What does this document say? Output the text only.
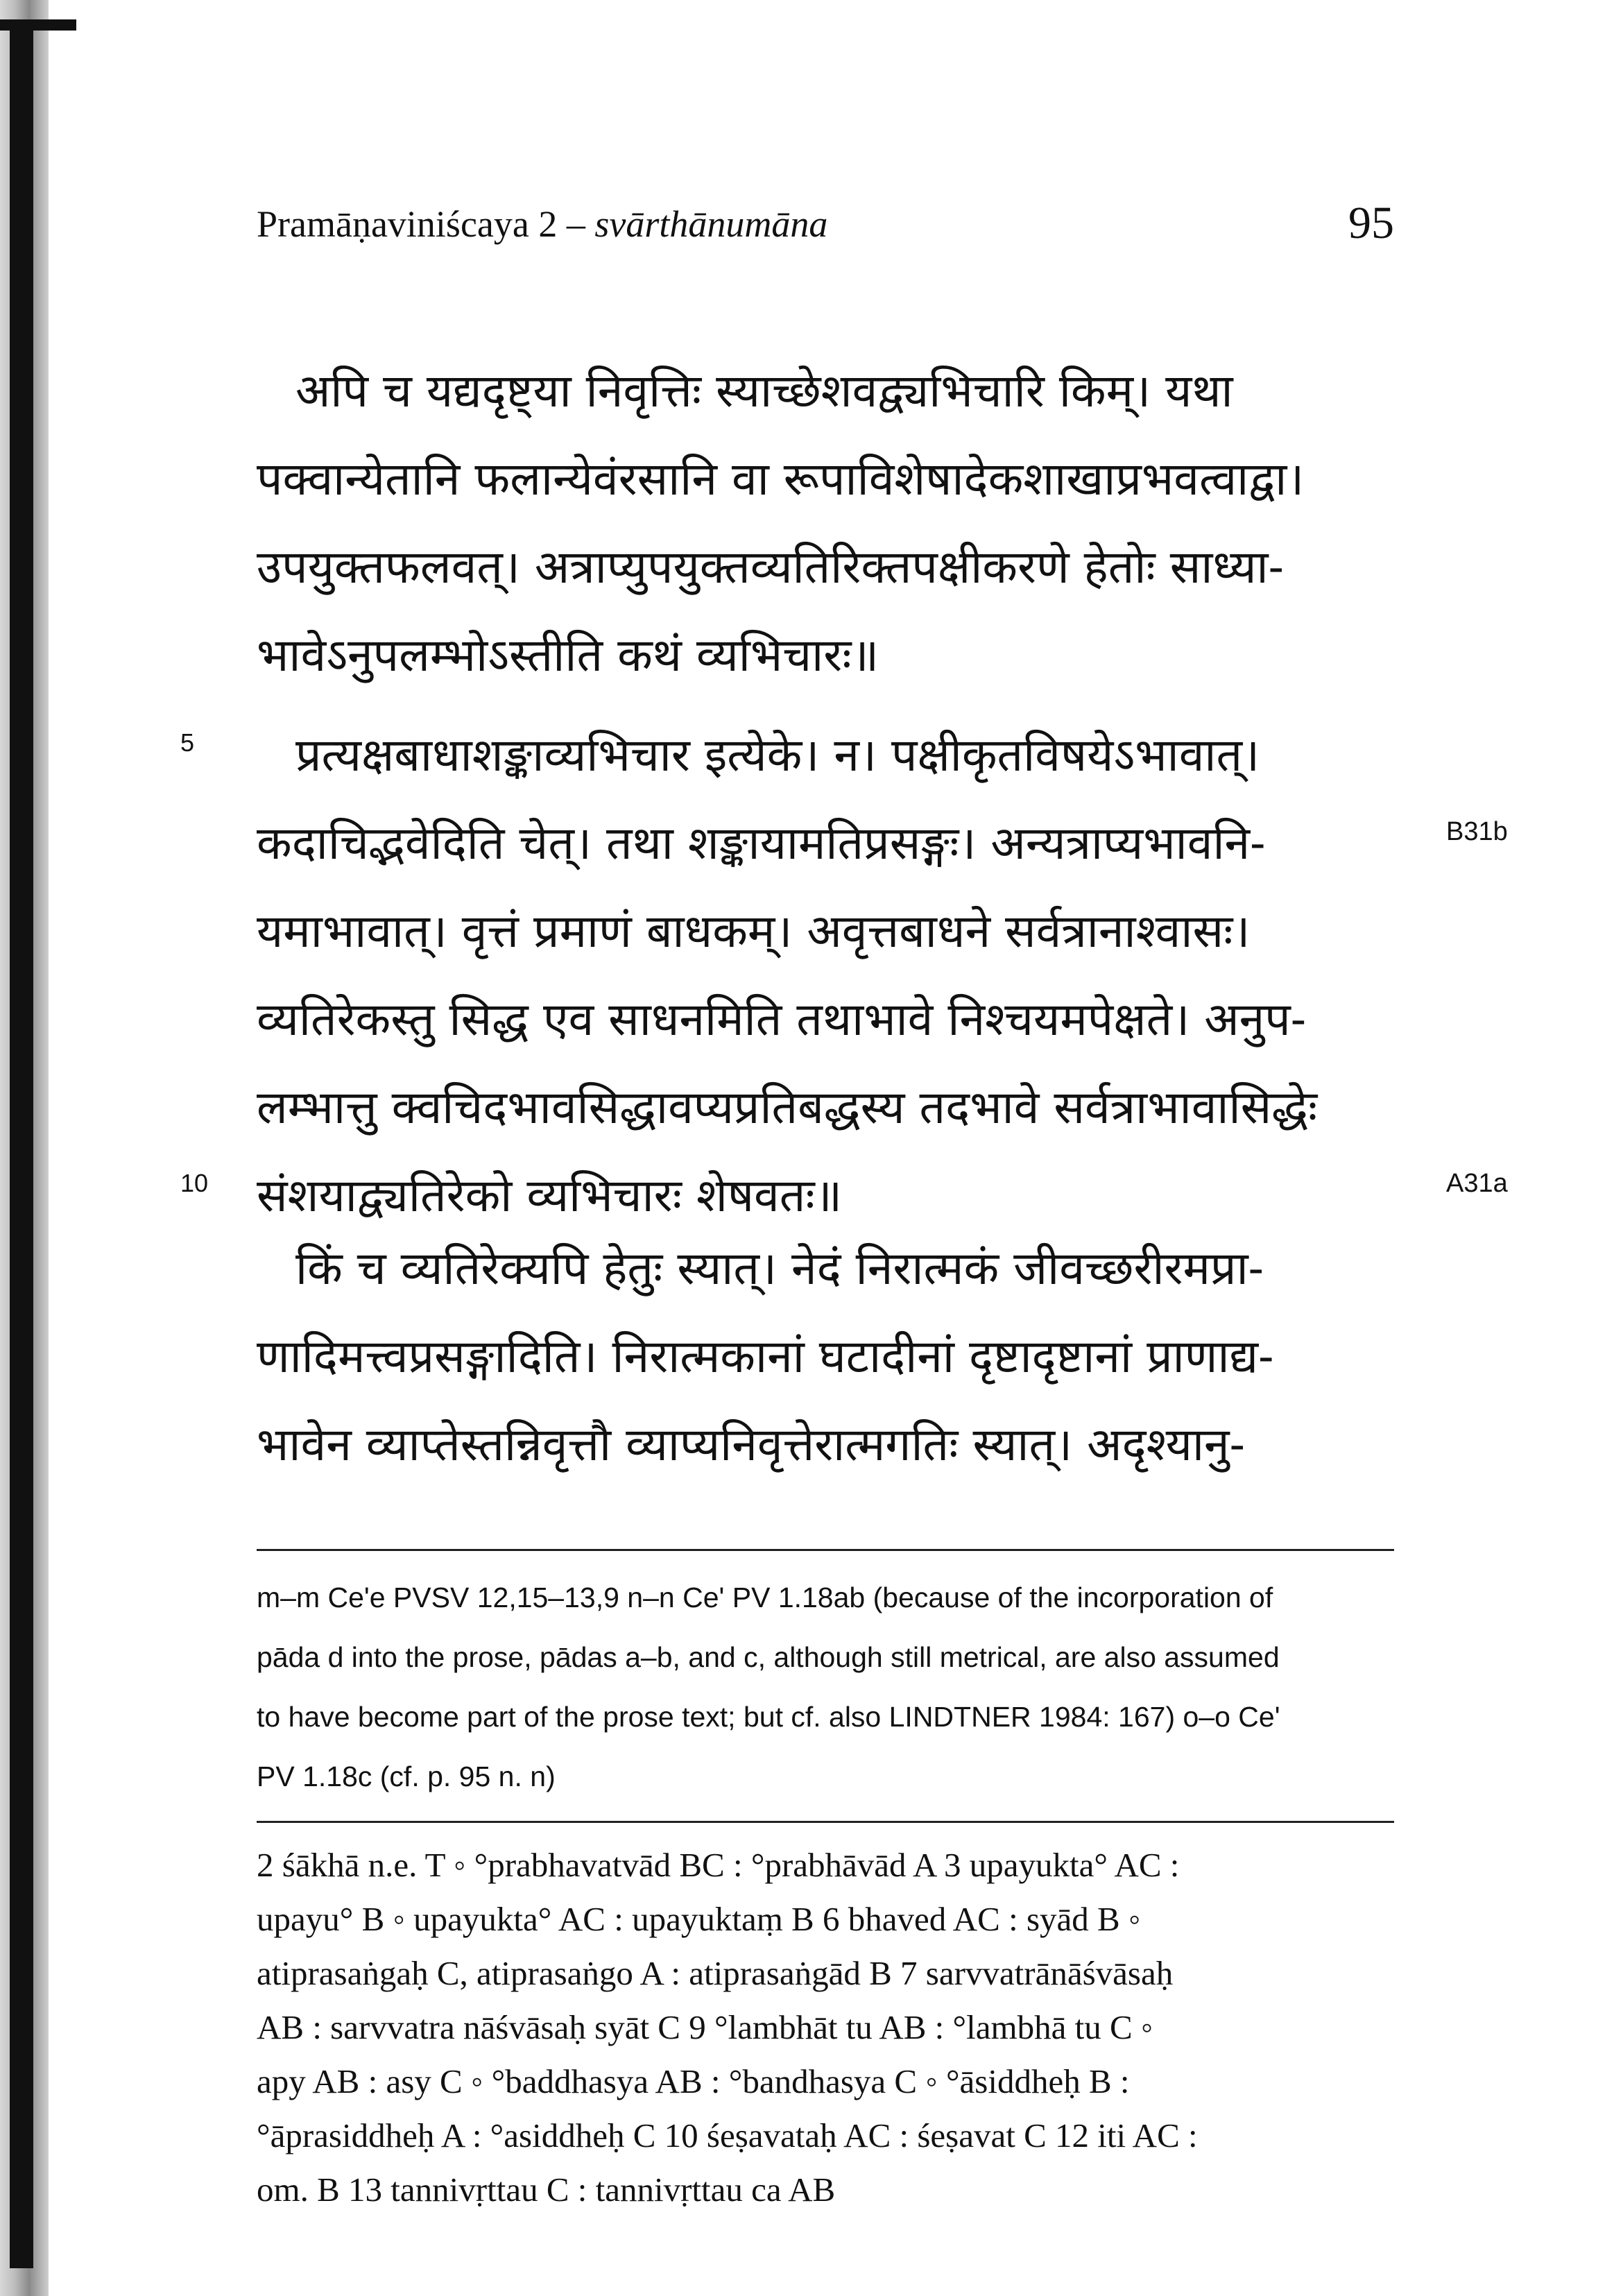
Pramāṇaviniścaya 2 – svārthānumāna	95
अपि च यद्यदृष्ट्या निवृत्तिः स्याच्छेशवद्व्यभिचारि किम्। यथा
पक्वान्येतानि फलान्येवंरसानि वा रूपाविशेषादेकशाखाप्रभवत्वाद्वा।
उपयुक्तफलवत्। अत्राप्युपयुक्तव्यतिरिक्तपक्षीकरणे हेतोः साध्या-
भावेऽनुपलम्भोऽस्तीति कथं व्यभिचारः॥
प्रत्यक्षबाधाशङ्काव्यभिचार इत्येके। न। पक्षीकृतविषयेऽभावात्।
कदाचिद्भवेदिति चेत्। तथा शङ्कायामतिप्रसङ्गः। अन्यत्राप्यभावनि-
यमाभावात्। वृत्तं प्रमाणं बाधकम्। अवृत्तबाधने सर्वत्रानाश्वासः।
व्यतिरेकस्तु सिद्ध एव साधनमिति तथाभावे निश्चयमपेक्षते। अनुप-
लम्भात्तु क्वचिदभावसिद्धावप्यप्रतिबद्धस्य तदभावे सर्वत्राभावासिद्धेः
संशयाद्व्यतिरेको व्यभिचारः शेषवतः॥
किं च व्यतिरेक्यपि हेतुः स्यात्। नेदं निरात्मकं जीवच्छरीरमप्रा-
णादिमत्त्वप्रसङ्गादिति। निरात्मकानां घटादीनां दृष्टादृष्टानां प्राणाद्य-
भावेन व्याप्तेस्तन्निवृत्तौ व्याप्यनिवृत्तेरात्मगतिः स्यात्। अदृश्यानु-
5
10
B31b
A31a
m–m Ce'e PVSV 12,15–13,9 n–n Ce' PV 1.18ab (because of the incorporation of
pāda d into the prose, pādas a–b, and c, although still metrical, are also assumed
to have become part of the prose text; but cf. also LINDTNER 1984: 167) o–o Ce'
PV 1.18c (cf. p. 95 n. n)
2 śākhā n.e. T ◦ °prabhavatvād BC : °prabhāvād A 3 upayukta° AC :
upayu° B ◦ upayukta° AC : upayuktaṃ B 6 bhaved AC : syād B ◦
atiprasaṅgaḥ C, atiprasaṅgo A : atiprasaṅgād B 7 sarvvatrānāśvāsaḥ
AB : sarvvatra nāśvāsaḥ syāt C 9 °lambhāt tu AB : °lambhā tu C ◦
apy AB : asy C ◦ °baddhasya AB : °bandhasya C ◦ °āsiddheḥ B :
°āprasiddheḥ A : °asiddheḥ C 10 śeṣavataḥ AC : śeṣavat C 12 iti AC :
om. B 13 tannivṛttau C : tannivṛttau ca AB
